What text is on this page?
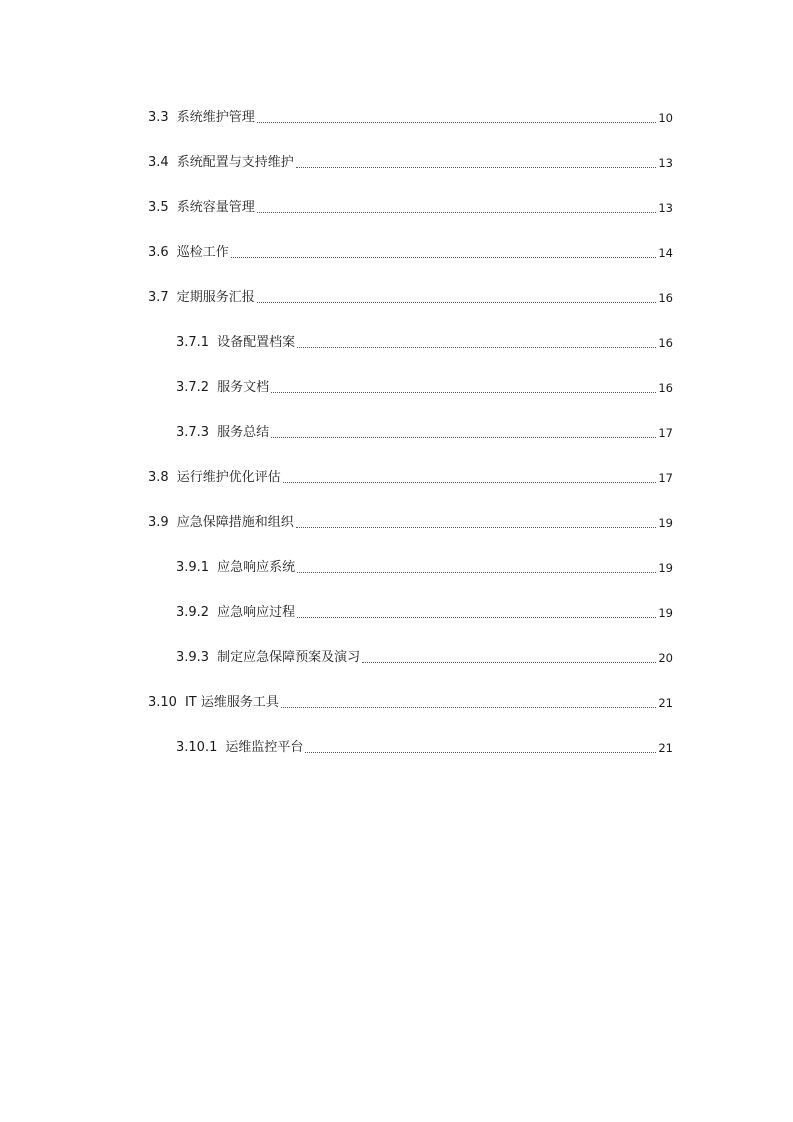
3.3 系统维护管理	10
3.4 系统配置与支持维护	13
3.5 系统容量管理	13
3.6 巡检工作	14
3.7 定期服务汇报	16
3.7.1 设备配置档案	16
3.7.2 服务文档	16
3.7.3 服务总结	17
3.8 运行维护优化评估	17
3.9 应急保障措施和组织	19
3.9.1 应急响应系统	19
3.9.2 应急响应过程	19
3.9.3 制定应急保障预案及演习	20
3.10 IT 运维服务工具	21
3.10.1 运维监控平台	21
